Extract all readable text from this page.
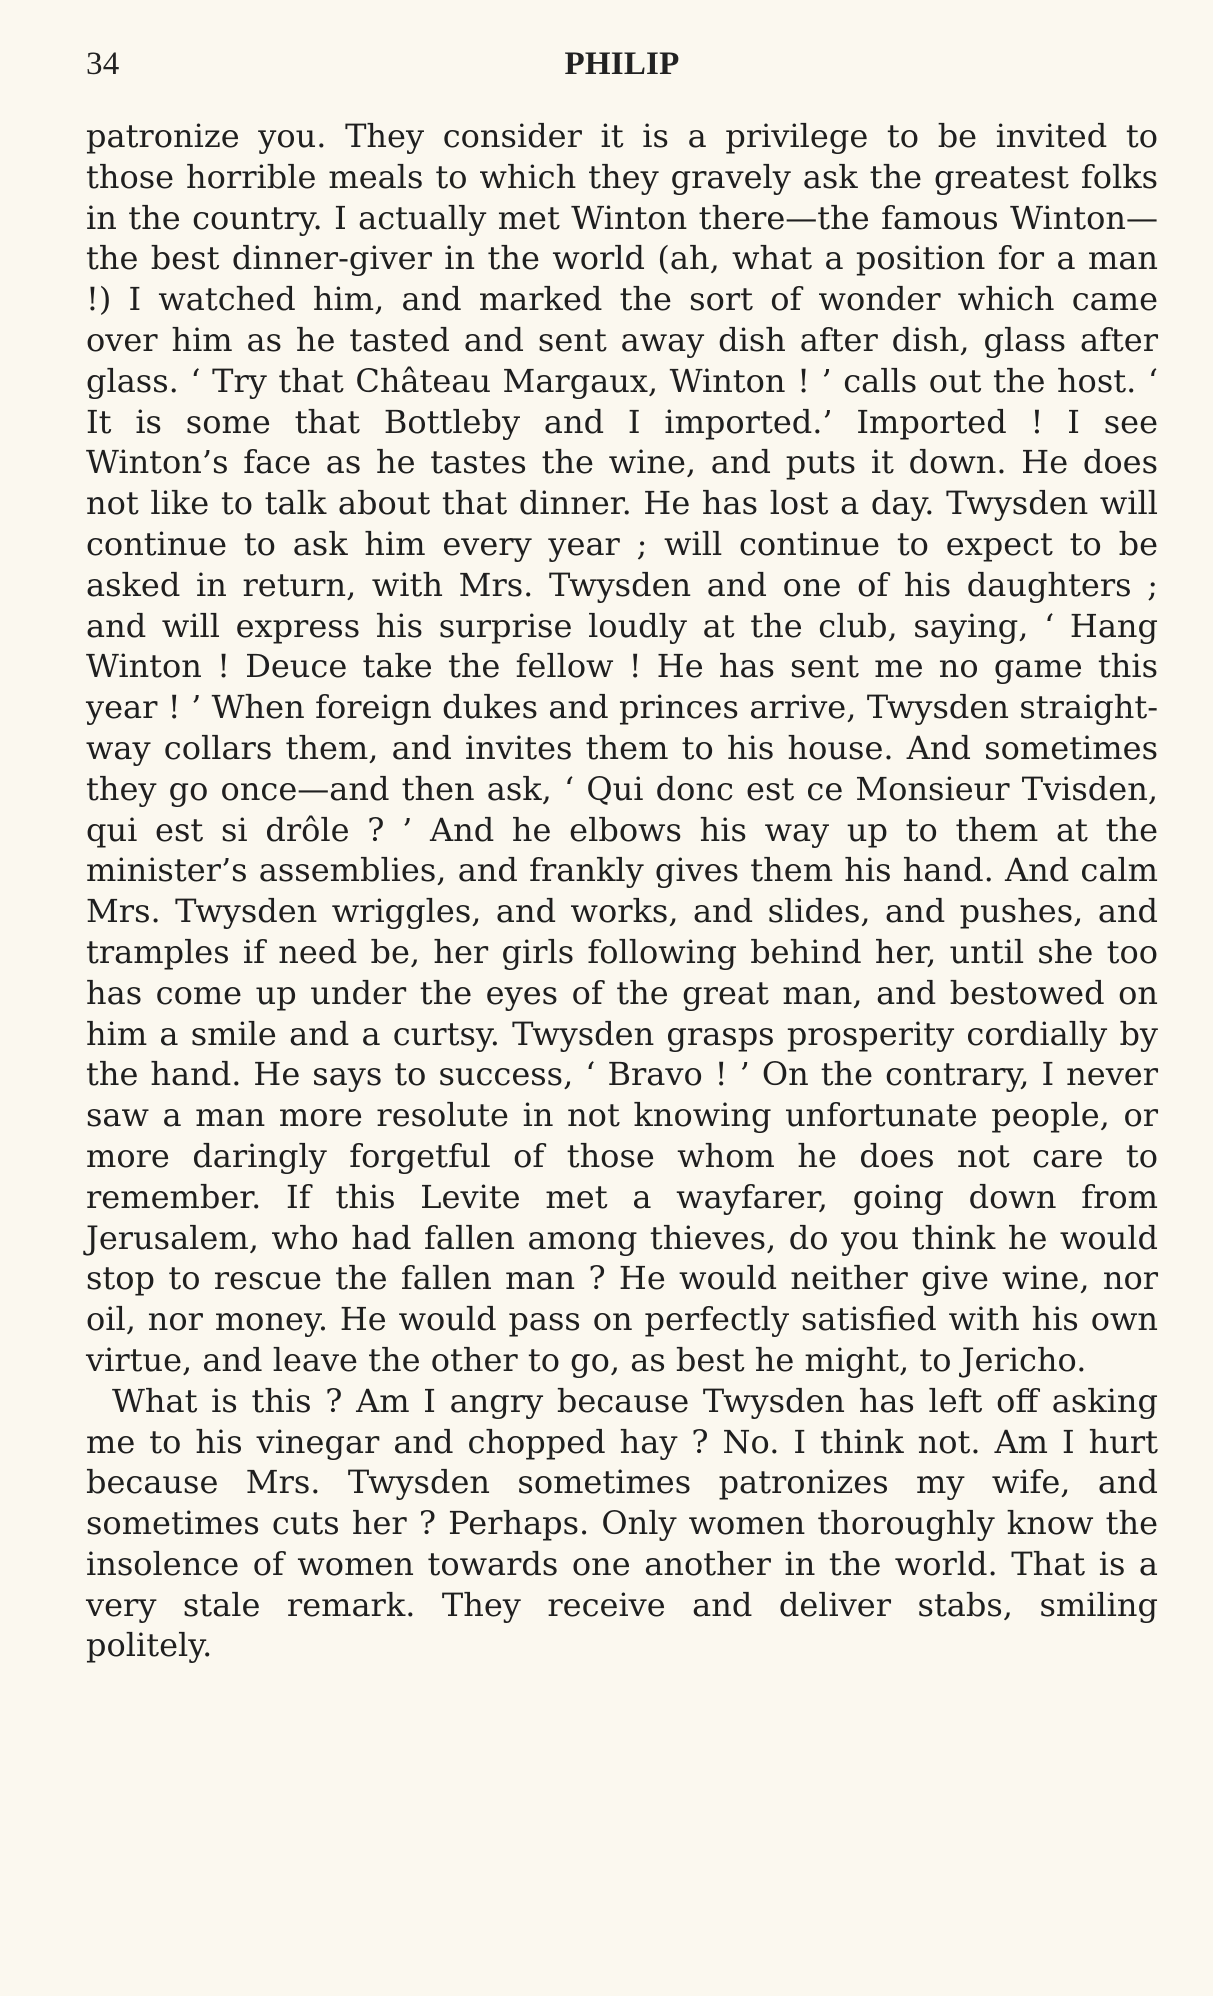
34	PHILIP

patronize you. They consider it is a privilege to be invited to those horrible meals to which they gravely ask the greatest folks in the country. I actually met Winton there—the famous Winton—the best dinner-giver in the world (ah, what a position for a man !) I watched him, and marked the sort of wonder which came over him as he tasted and sent away dish after dish, glass after glass. ‘ Try that Château Margaux, Winton ! ’ calls out the host. ‘ It is some that Bottleby and I imported.’ Imported ! I see Winton’s face as he tastes the wine, and puts it down. He does not like to talk about that dinner. He has lost a day. Twysden will continue to ask him every year ; will continue to expect to be asked in return, with Mrs. Twysden and one of his daughters ; and will express his surprise loudly at the club, saying, ‘ Hang Winton ! Deuce take the fellow ! He has sent me no game this year ! ’ When foreign dukes and princes arrive, Twysden straight-way collars them, and invites them to his house. And sometimes they go once—and then ask, ‘ Qui donc est ce Monsieur Tvisden, qui est si drôle ? ’ And he elbows his way up to them at the minister’s assemblies, and frankly gives them his hand. And calm Mrs. Twysden wriggles, and works, and slides, and pushes, and tramples if need be, her girls following behind her, until she too has come up under the eyes of the great man, and bestowed on him a smile and a curtsy. Twysden grasps prosperity cordially by the hand. He says to success, ‘ Bravo ! ’ On the contrary, I never saw a man more resolute in not knowing unfortunate people, or more daringly forgetful of those whom he does not care to remember. If this Levite met a wayfarer, going down from Jerusalem, who had fallen among thieves, do you think he would stop to rescue the fallen man ? He would neither give wine, nor oil, nor money. He would pass on perfectly satisfied with his own virtue, and leave the other to go, as best he might, to Jericho.

What is this ? Am I angry because Twysden has left off asking me to his vinegar and chopped hay ? No. I think not. Am I hurt because Mrs. Twysden sometimes patronizes my wife, and sometimes cuts her ? Perhaps. Only women thoroughly know the insolence of women towards one another in the world. That is a very stale remark. They receive and deliver stabs, smiling politely.
